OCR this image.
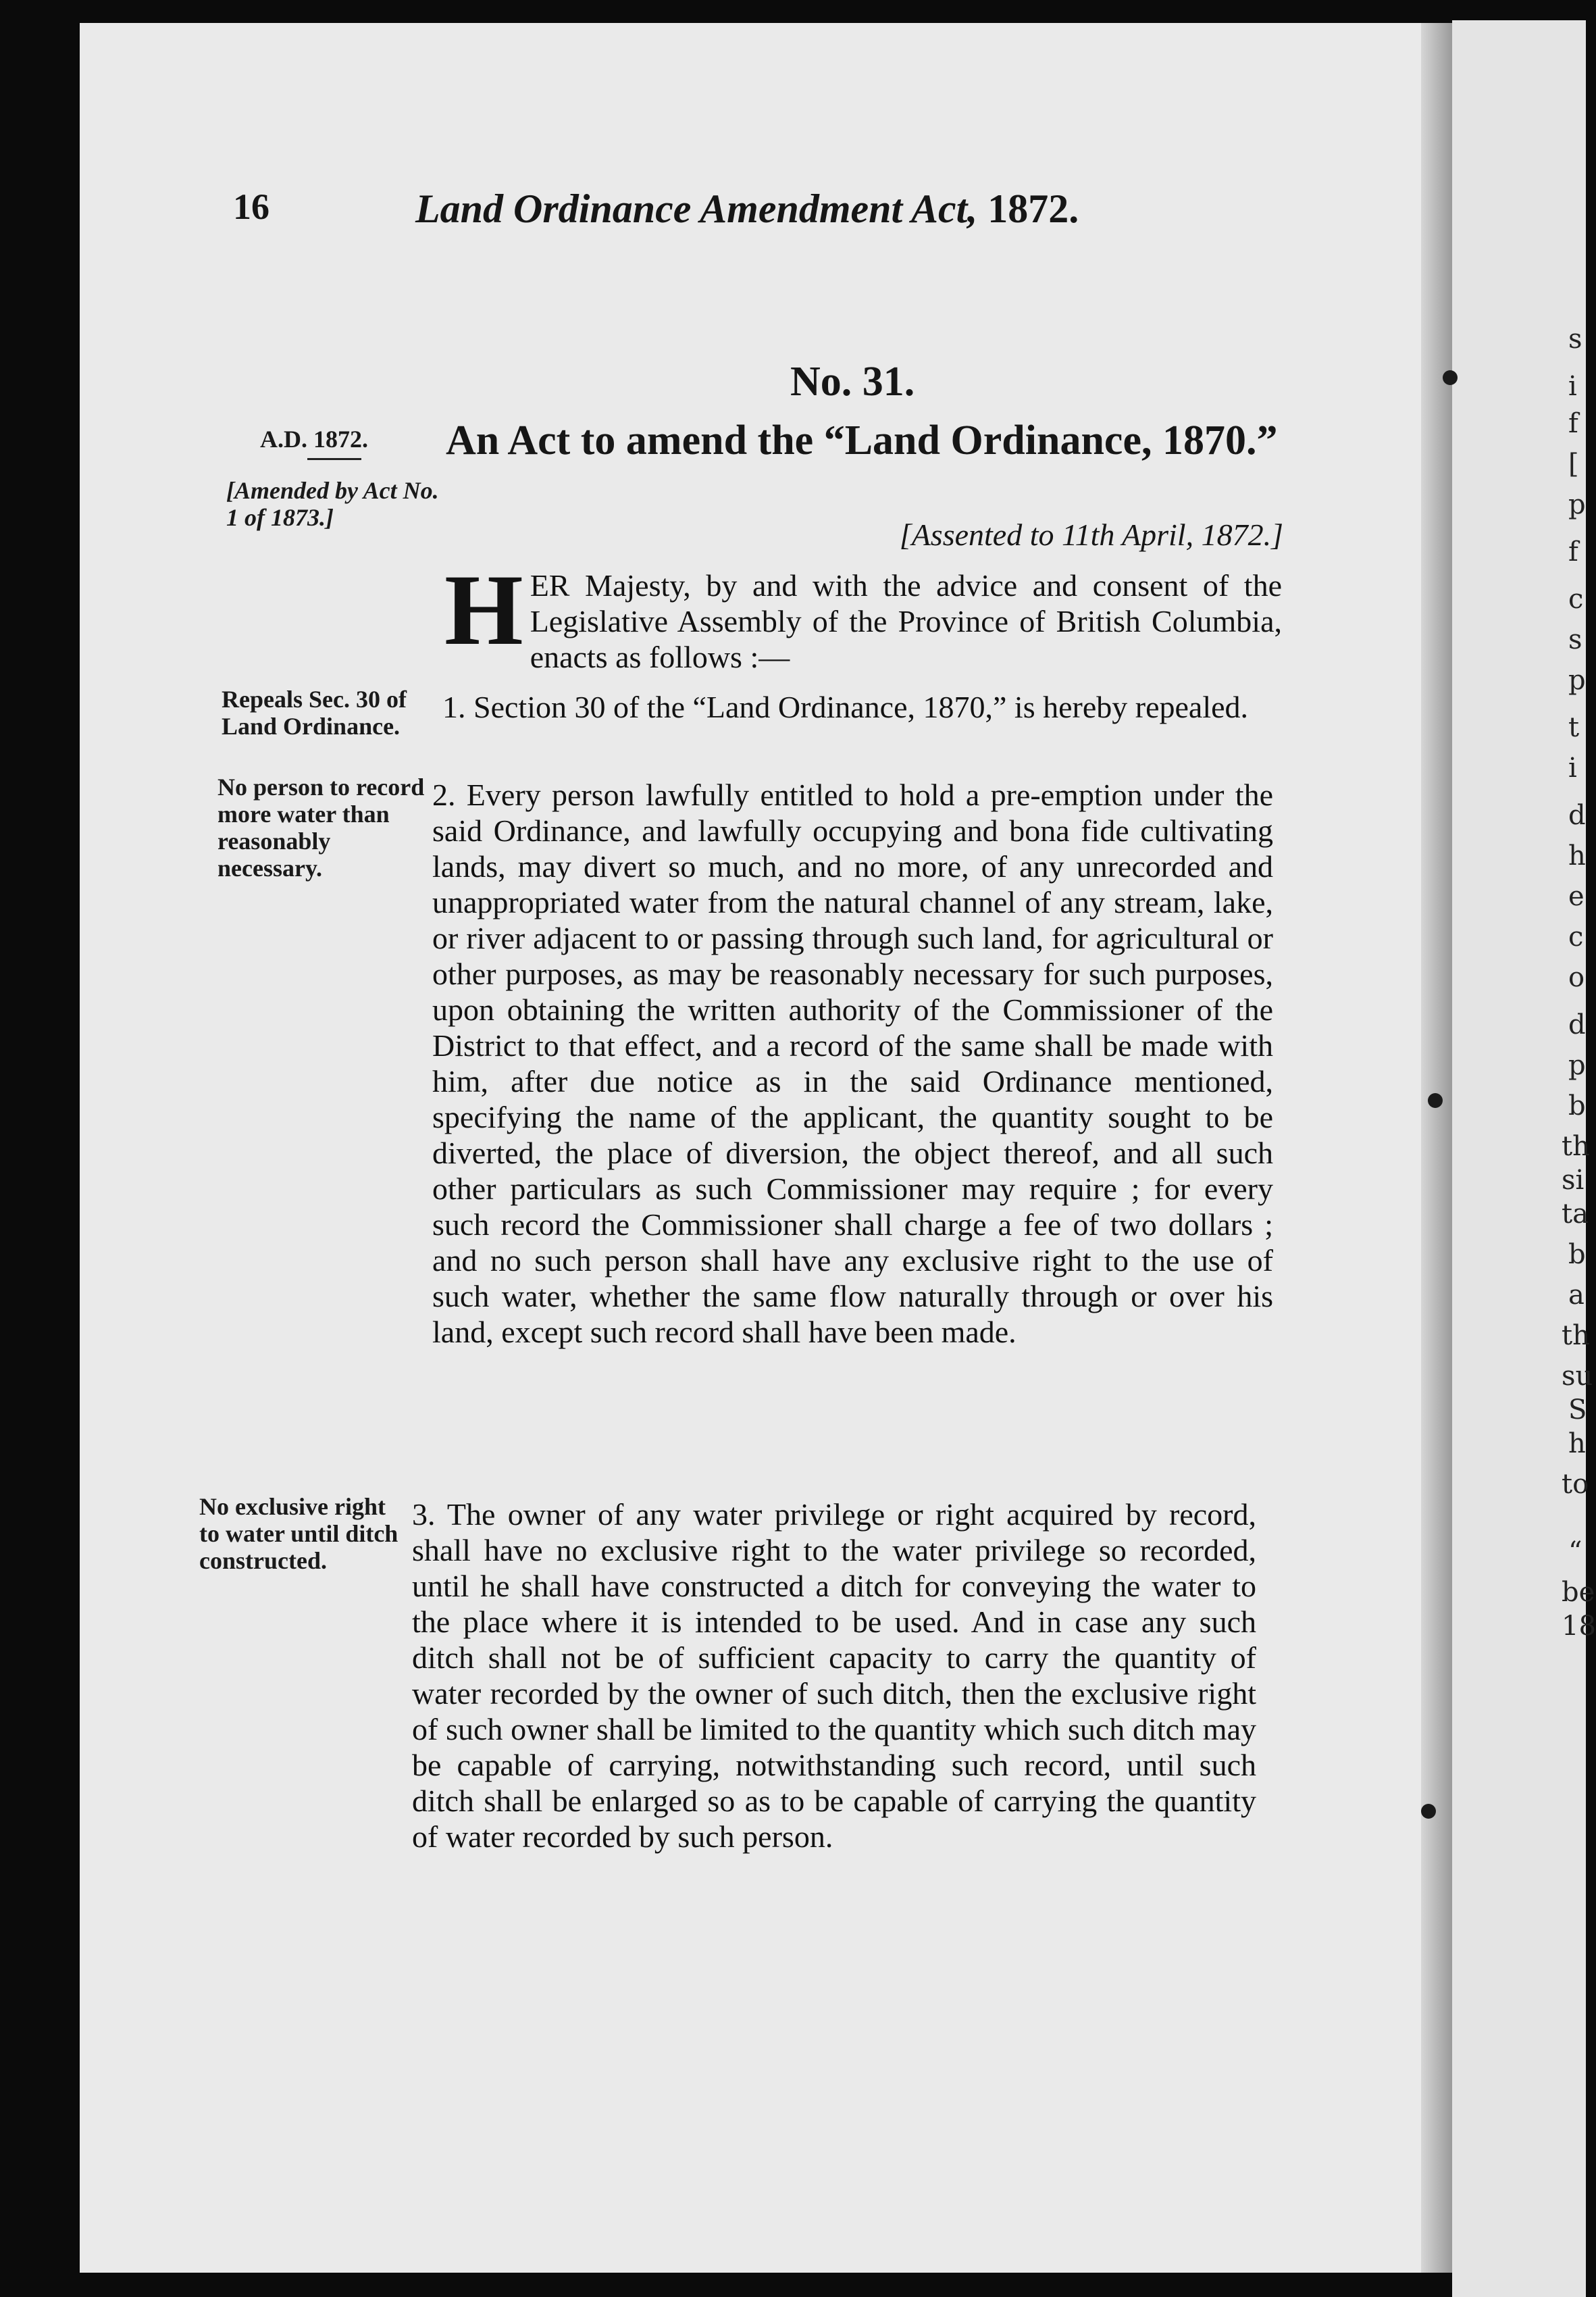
s
i
f
[
p
f
c
s
p
t
i
d
h
e
c
o
d
p
b
th
si
ta
b
a
th
su
S
h
to
“
be
18
16	Land Ordinance Amendment Act, 1872.
No. 31.
A.D. 1872.
[Amended by Act No. 1 of 1873.]
An Act to amend the “Land Ordinance, 1870.”
[Assented to 11th April, 1872.]
H ER Majesty, by and with the advice and consent of the Legislative Assembly of the Province of British Columbia, enacts as follows :—
Repeals Sec. 30 of Land Ordinance.
1. Section 30 of the “Land Ordinance, 1870,” is hereby repealed.
No person to record more water than reasonably necessary.
2. Every person lawfully entitled to hold a pre-emption under the said Ordinance, and lawfully occupying and bona fide cultivating lands, may divert so much, and no more, of any unrecorded and unappropriated water from the natural channel of any stream, lake, or river adjacent to or passing through such land, for agricultural or other purposes, as may be reasonably necessary for such purposes, upon obtaining the written authority of the Commissioner of the District to that effect, and a record of the same shall be made with him, after due notice as in the said Ordinance mentioned, specifying the name of the applicant, the quantity sought to be diverted, the place of diversion, the object thereof, and all such other particulars as such Commissioner may require ; for every such record the Commissioner shall charge a fee of two dollars ; and no such person shall have any exclusive right to the use of such water, whether the same flow naturally through or over his land, except such record shall have been made.
No exclusive right to water until ditch constructed.
3. The owner of any water privilege or right acquired by record, shall have no exclusive right to the water privilege so recorded, until he shall have constructed a ditch for conveying the water to the place where it is intended to be used. And in case any such ditch shall not be of sufficient capacity to carry the quantity of water recorded by the owner of such ditch, then the exclusive right of such owner shall be limited to the quantity which such ditch may be capable of carrying, notwithstanding such record, until such ditch shall be enlarged so as to be capable of carrying the quantity of water recorded by such person.
